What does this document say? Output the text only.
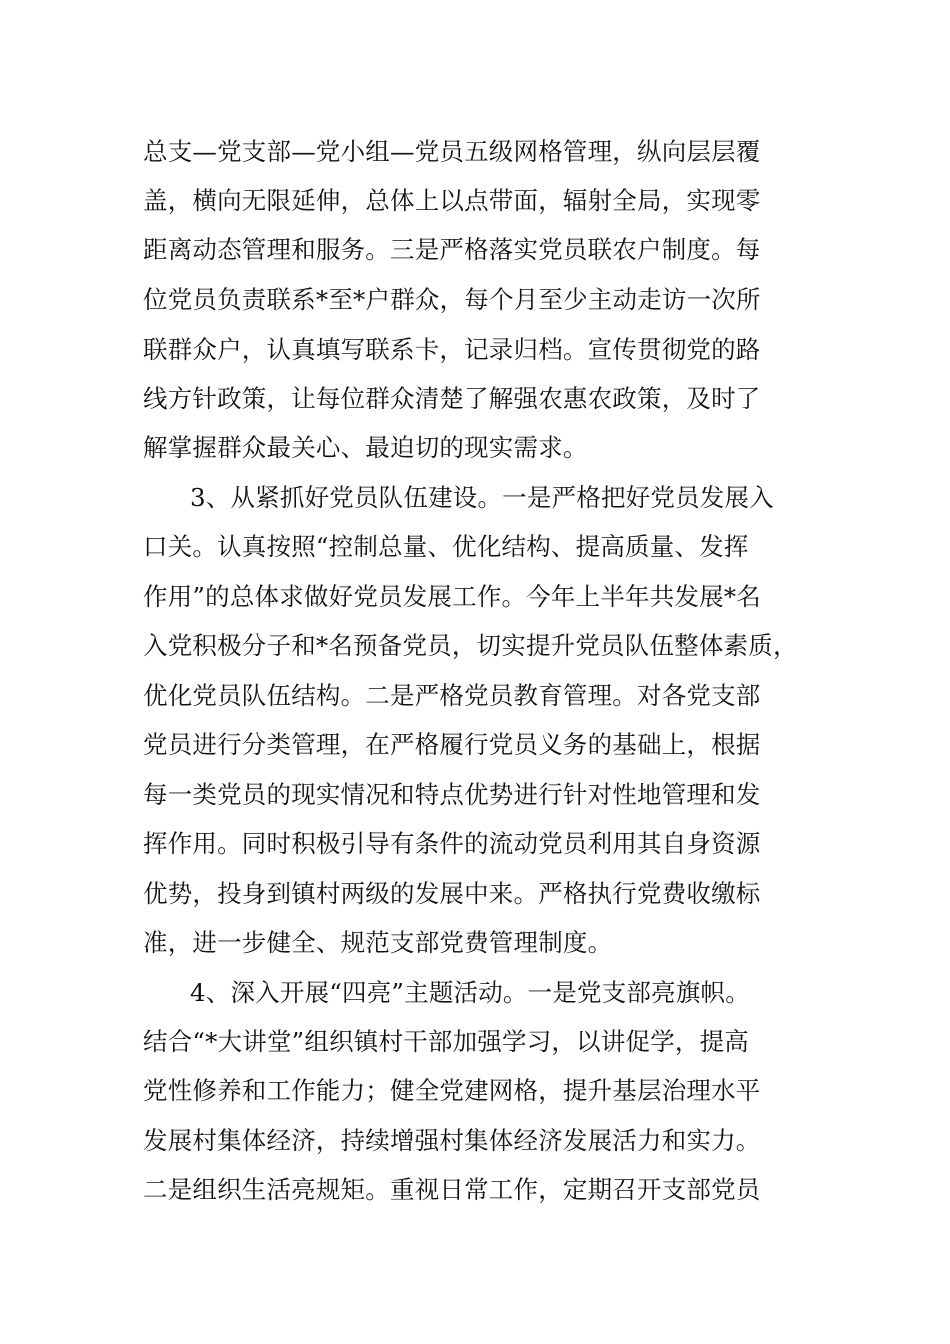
总支—党支部—党小组—党员五级网格管理，纵向层层覆
盖，横向无限延伸，总体上以点带面，辐射全局，实现零
距离动态管理和服务。三是严格落实党员联农户制度。每
位党员负责联系*至*户群众，每个月至少主动走访一次所
联群众户，认真填写联系卡，记录归档。宣传贯彻党的路
线方针政策，让每位群众清楚了解强农惠农政策，及时了
解掌握群众最关心、最迫切的现实需求。
3、从紧抓好党员队伍建设。一是严格把好党员发展入
口关。认真按照“控制总量、优化结构、提高质量、发挥
作用”的总体求做好党员发展工作。今年上半年共发展*名
入党积极分子和*名预备党员，切实提升党员队伍整体素质，
优化党员队伍结构。二是严格党员教育管理。对各党支部
党员进行分类管理，在严格履行党员义务的基础上，根据
每一类党员的现实情况和特点优势进行针对性地管理和发
挥作用。同时积极引导有条件的流动党员利用其自身资源
优势，投身到镇村两级的发展中来。严格执行党费收缴标
准，进一步健全、规范支部党费管理制度。
4、深入开展“四亮”主题活动。一是党支部亮旗帜。
结合“*大讲堂”组织镇村干部加强学习，以讲促学，提高
党性修养和工作能力；健全党建网格，提升基层治理水平
发展村集体经济，持续增强村集体经济发展活力和实力。
二是组织生活亮规矩。重视日常工作，定期召开支部党员
